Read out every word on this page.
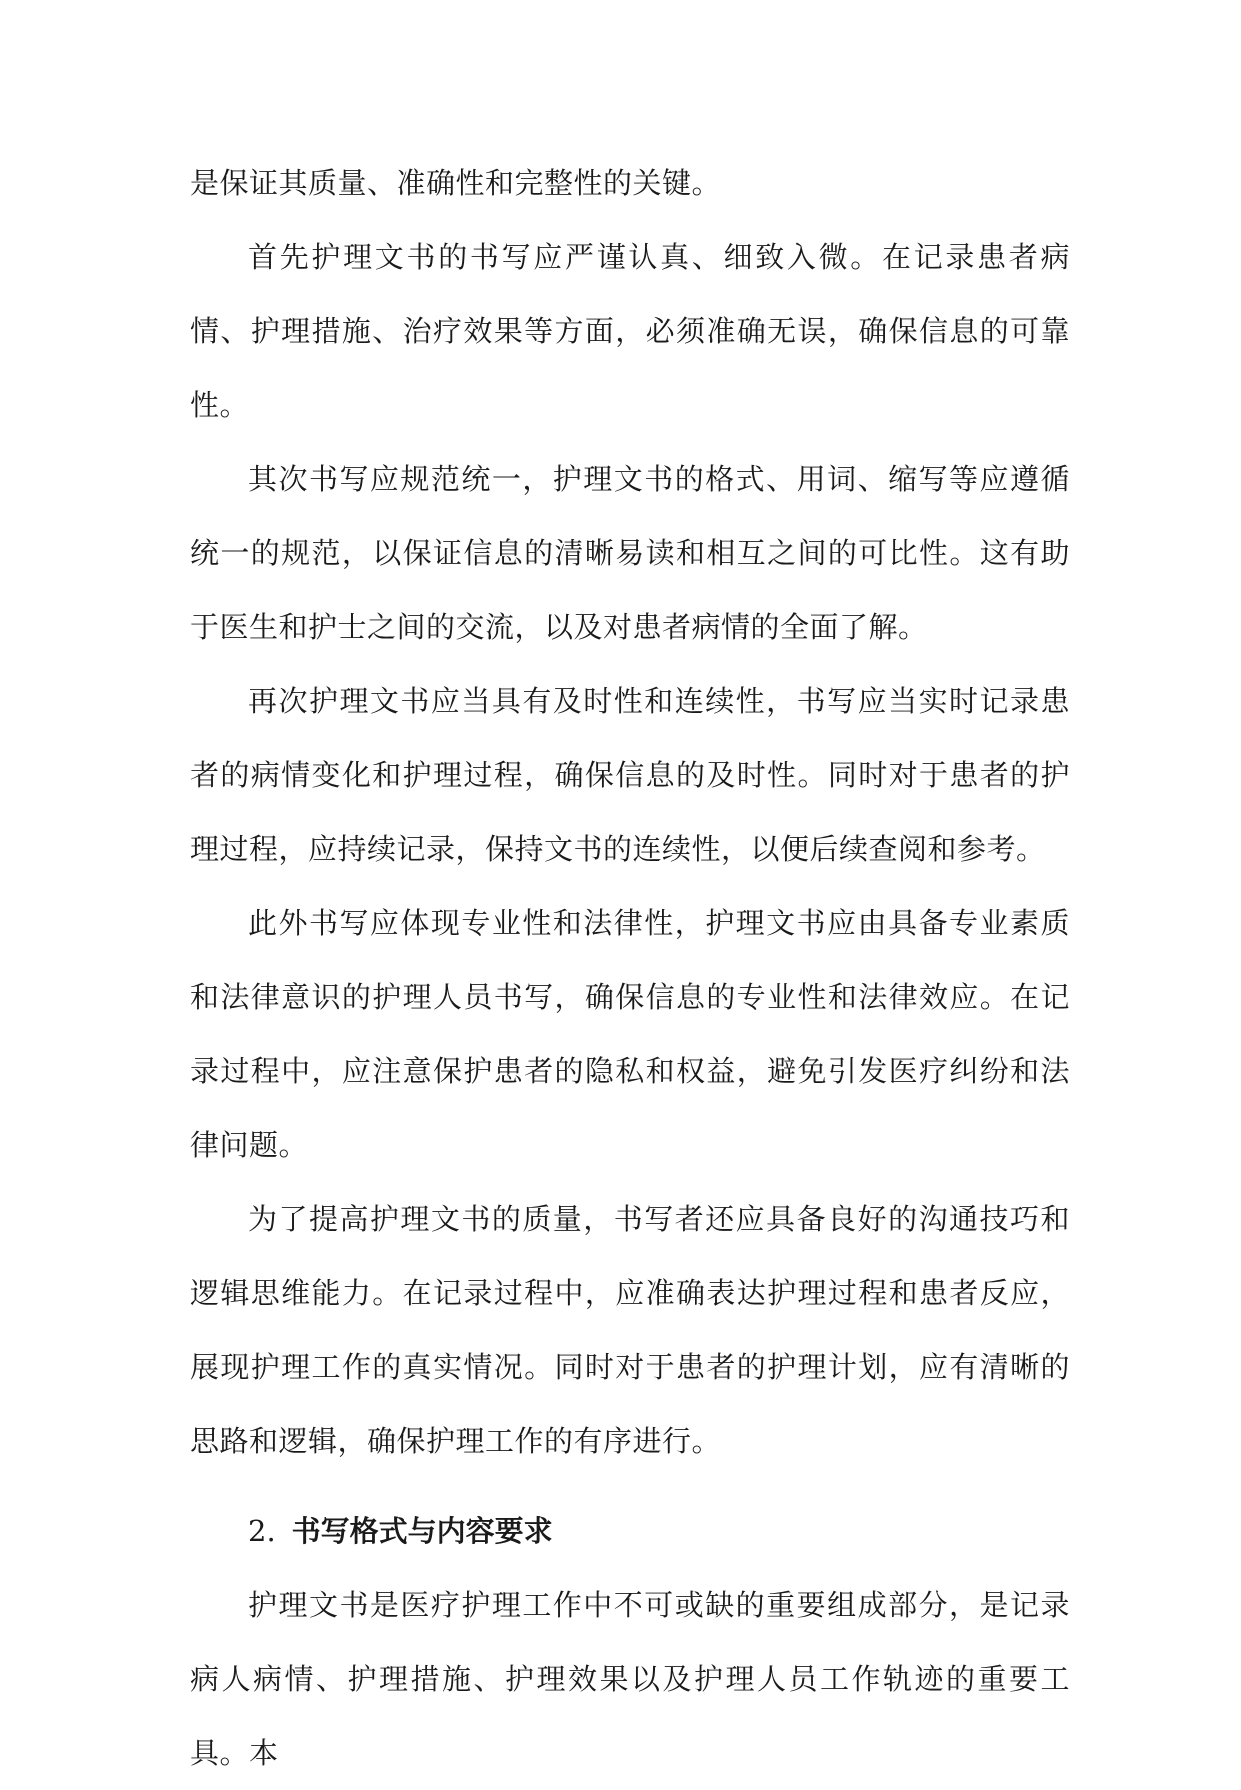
是保证其质量、准确性和完整性的关键。

首先护理文书的书写应严谨认真、细致入微。在记录患者病情、护理措施、治疗效果等方面，必须准确无误，确保信息的可靠性。

其次书写应规范统一，护理文书的格式、用词、缩写等应遵循统一的规范，以保证信息的清晰易读和相互之间的可比性。这有助于医生和护士之间的交流，以及对患者病情的全面了解。

再次护理文书应当具有及时性和连续性，书写应当实时记录患者的病情变化和护理过程，确保信息的及时性。同时对于患者的护理过程，应持续记录，保持文书的连续性，以便后续查阅和参考。

此外书写应体现专业性和法律性，护理文书应由具备专业素质和法律意识的护理人员书写，确保信息的专业性和法律效应。在记录过程中，应注意保护患者的隐私和权益，避免引发医疗纠纷和法律问题。

为了提高护理文书的质量，书写者还应具备良好的沟通技巧和逻辑思维能力。在记录过程中，应准确表达护理过程和患者反应，展现护理工作的真实情况。同时对于患者的护理计划，应有清晰的思路和逻辑，确保护理工作的有序进行。

2. 书写格式与内容要求

护理文书是医疗护理工作中不可或缺的重要组成部分，是记录病人病情、护理措施、护理效果以及护理人员工作轨迹的重要工具。本
